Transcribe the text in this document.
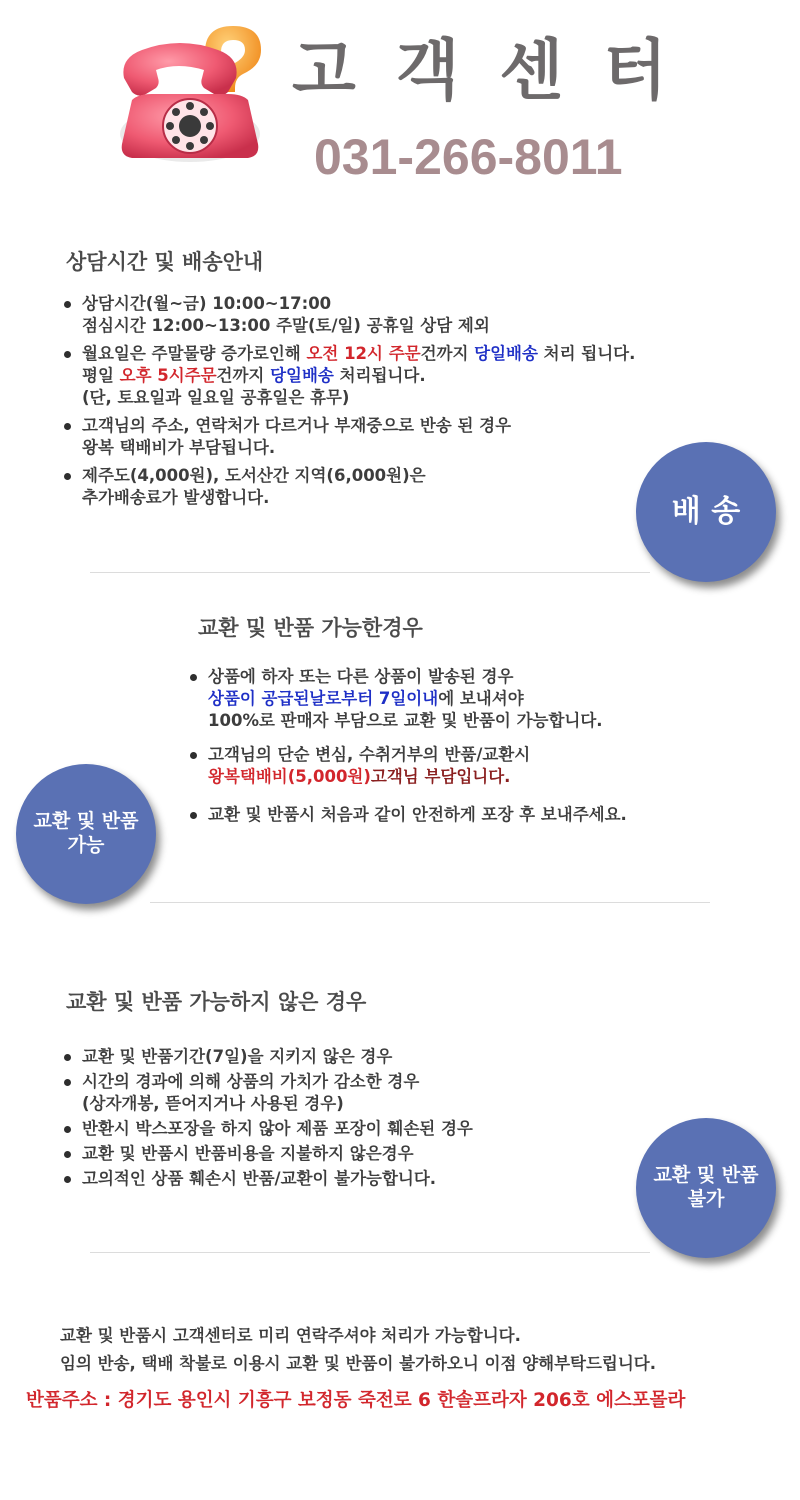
고객센터
031-266-8011
상담시간 및 배송안내
상담시간(월~금) 10:00~17:00
점심시간 12:00~13:00 주말(토/일) 공휴일 상담 제외
월요일은 주말물량 증가로인해 오전 12시 주문건까지 당일배송 처리 됩니다.
평일 오후 5시주문건까지 당일배송 처리됩니다.
(단, 토요일과 일요일 공휴일은 휴무)
고객님의 주소, 연락처가 다르거나 부재중으로 반송 된 경우
왕복 택배비가 부담됩니다.
제주도(4,000원), 도서산간 지역(6,000원)은
추가배송료가 발생합니다.	배 송
교환 및 반품 가능한경우
상품에 하자 또는 다른 상품이 발송된 경우
상품이 공급된날로부터 7일이내에 보내셔야
100%로 판매자 부담으로 교환 및 반품이 가능합니다.
고객님의 단순 변심, 수취거부의 반품/교환시
왕복택배비(5,000원)고객님 부담입니다.
교환 및 반품시 처음과 같이 안전하게 포장 후 보내주세요.
교환 및 반품
가능
교환 및 반품 가능하지 않은 경우
교환 및 반품기간(7일)을 지키지 않은 경우
시간의 경과에 의해 상품의 가치가 감소한 경우
(상자개봉, 뜯어지거나 사용된 경우)
반환시 박스포장을 하지 않아 제품 포장이 훼손된 경우
교환 및 반품시 반품비용을 지불하지 않은경우
고의적인 상품 훼손시 반품/교환이 불가능합니다.	교환 및 반품
불가
교환 및 반품시 고객센터로 미리 연락주셔야 처리가 가능합니다.
임의 반송, 택배 착불로 이용시 교환 및 반품이 불가하오니 이점 양해부탁드립니다.
반품주소 : 경기도 용인시 기흥구 보정동 죽전로 6 한솔프라자 206호 에스포몰라
